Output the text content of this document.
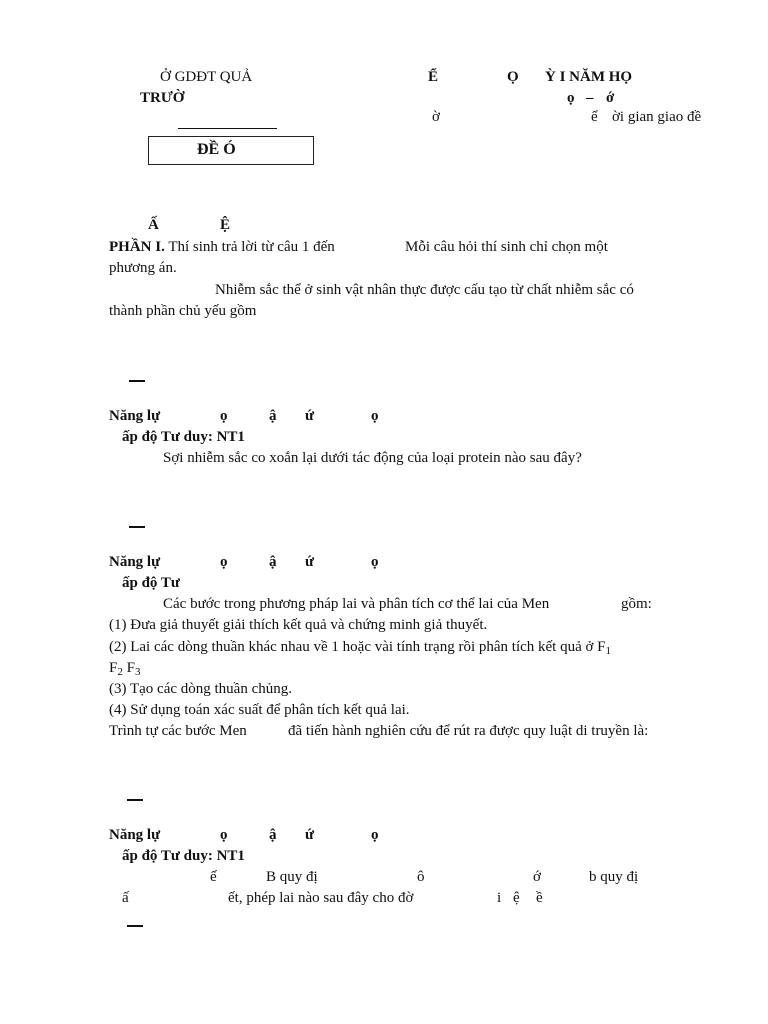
Ở GDĐT QUẢ
TRƯỜ
Ể	Ọ Ỳ I NĂM HỌ
ọ – ớ
ờ	ể ời gian giao đề
ĐỀ Ó
Ấ	Ệ
PHẦN I. Thí sinh trả lời từ câu 1 đến	Mỗi câu hỏi thí sinh chỉ chọn một
phương án.
Nhiễm sắc thể ở sinh vật nhân thực được cấu tạo từ chất nhiễm sắc có
thành phần chủ yếu gồm
Năng lự	ọ	ậ ứ	ọ
ấp độ Tư duy: NT1
Sợi nhiễm sắc co xoắn lại dưới tác động của loại protein nào sau đây?
Năng lự	ọ	ậ ứ	ọ
ấp độ Tư
Các bước trong phương pháp lai và phân tích cơ thể lai của Men	gồm:
(1) Đưa giả thuyết giải thích kết quả và chứng minh giả thuyết.
(2) Lai các dòng thuần khác nhau về 1 hoặc vài tính trạng rồi phân tích kết quả ở $F_1$
$F_2$ $F_3$
(3) Tạo các dòng thuần chủng.
(4) Sử dụng toán xác suất để phân tích kết quả lai.
Trình tự các bước Men	đã tiến hành nghiên cứu để rút ra được quy luật di truyền là:
Năng lự	ọ	ậ ứ	ọ
ấp độ Tư duy: NT1
ế	B quy đị	ô	ớ	b quy đị
ấ	ết, phép lai nào sau đây cho đờ	i ệ ề
